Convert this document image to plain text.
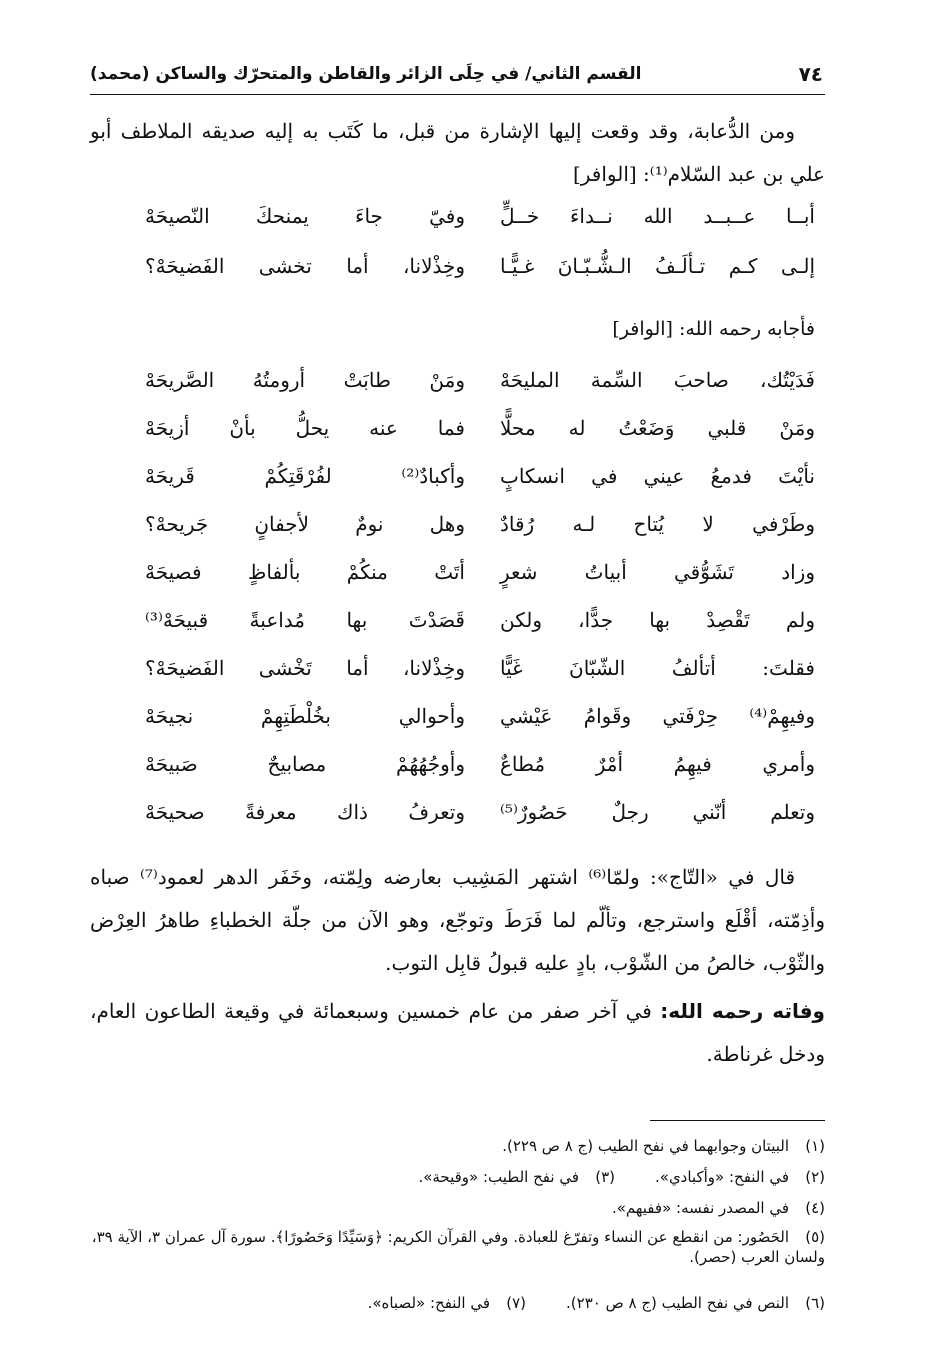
٧٤
القسم الثاني/ في حِلَى الزائر والقاطن والمتحرّك والساكن (محمد)
ومن الدُّعابة، وقد وقعت إليها الإشارة من قبل، ما كَتَب به إليه صديقه الملاطف أبو علي بن عبد السّلام⁽¹⁾: [الوافر]
أبــا عــبــد الله نــداءَ خــلٍّ
وفيّ جاءَ يمنحكَ النّصيحَهْ
إلـى كـم تـألَـفُ الـشُّـبّـانَ غـيًّـا
وخِذْلانا، أما تخشى الفَضيحَهْ؟
فأجابه رحمه الله: [الوافر]
فَدَيْتُك، صاحبَ السِّمة المليحَهْ
ومَنْ طابَتْ أرومتُهُ الصَّريحَهْ
ومَنْ قلبي وَضَعْتُ له محلًّا
فما عنه يحلُّ بأنْ أزيحَهْ
نأيْتَ فدمعُ عيني في انسكابٍ
وأكبادٌ⁽²⁾ لفُرْقَتِكُمْ قَريحَهْ
وطَرْفي لا يُتاح لـه رُقادٌ
وهل نومٌ لأجفانٍ جَريحهْ؟
وزاد تَشَوُّقي أبياتُ شعرٍ
أتَتْ منكُمْ بألفاظٍ فصيحَهْ
ولم تَقْصِدْ بها جدًّا، ولكن
قَصَدْتَ بها مُداعبةً قبيحَهْ⁽³⁾
فقلتَ: أتألفُ الشّبّانَ غَيًّا
وخِذْلانا، أما تَخْشى الفَضيحَهْ؟
وفيهِمْ⁽⁴⁾ حِرْفَتي وقَوامُ عَيْشي
وأحوالي بخُلْطَتِهِمْ نجيحَهْ
وأمري فيهِمُ أمْرٌ مُطاعٌ
وأوجُهُهُمْ مصابيحٌ صَبيحَهْ
وتعلم أنّني رجلٌ حَصُورٌ⁽⁵⁾
وتعرفُ ذاك معرفةً صحيحَهْ
قال في «التّاج»: ولمّا⁽⁶⁾ اشتهر المَشِيب بعارضه ولِمّته، وخَفَر الدهر لعمود⁽⁷⁾ صباه وأذِمّته، أقْلَع واسترجع، وتألّم لما فَرَطَ وتوجّع، وهو الآن من جلّة الخطباءِ طاهرُ العِرْض والثّوْب، خالصُ من الشّوْب، بادٍ عليه قبولُ قابِل التوب.
وفاته رحمه الله: في آخر صفر من عام خمسين وسبعمائة في وقيعة الطاعون العام، ودخل غرناطة.
(١)البيتان وجوابهما في نفح الطيب (ج ٨ ص ٢٢٩).
(٢)في النفح: «وأكبادي».(٣)في نفح الطيب: «وقيحة».
(٤)في المصدر نفسه: «ففيهم».
(٥)الحَصُور: من انقطع عن النساء وتفرّغ للعبادة. وفي القرآن الكريم: ﴿وَسَيِّدًا وَحَصُورًا﴾. سورة آل عمران ٣، الآية ٣٩، ولسان العرب (حصر).
(٦)النص في نفح الطيب (ج ٨ ص ٢٣٠).(٧)في النفح: «لصباه».
